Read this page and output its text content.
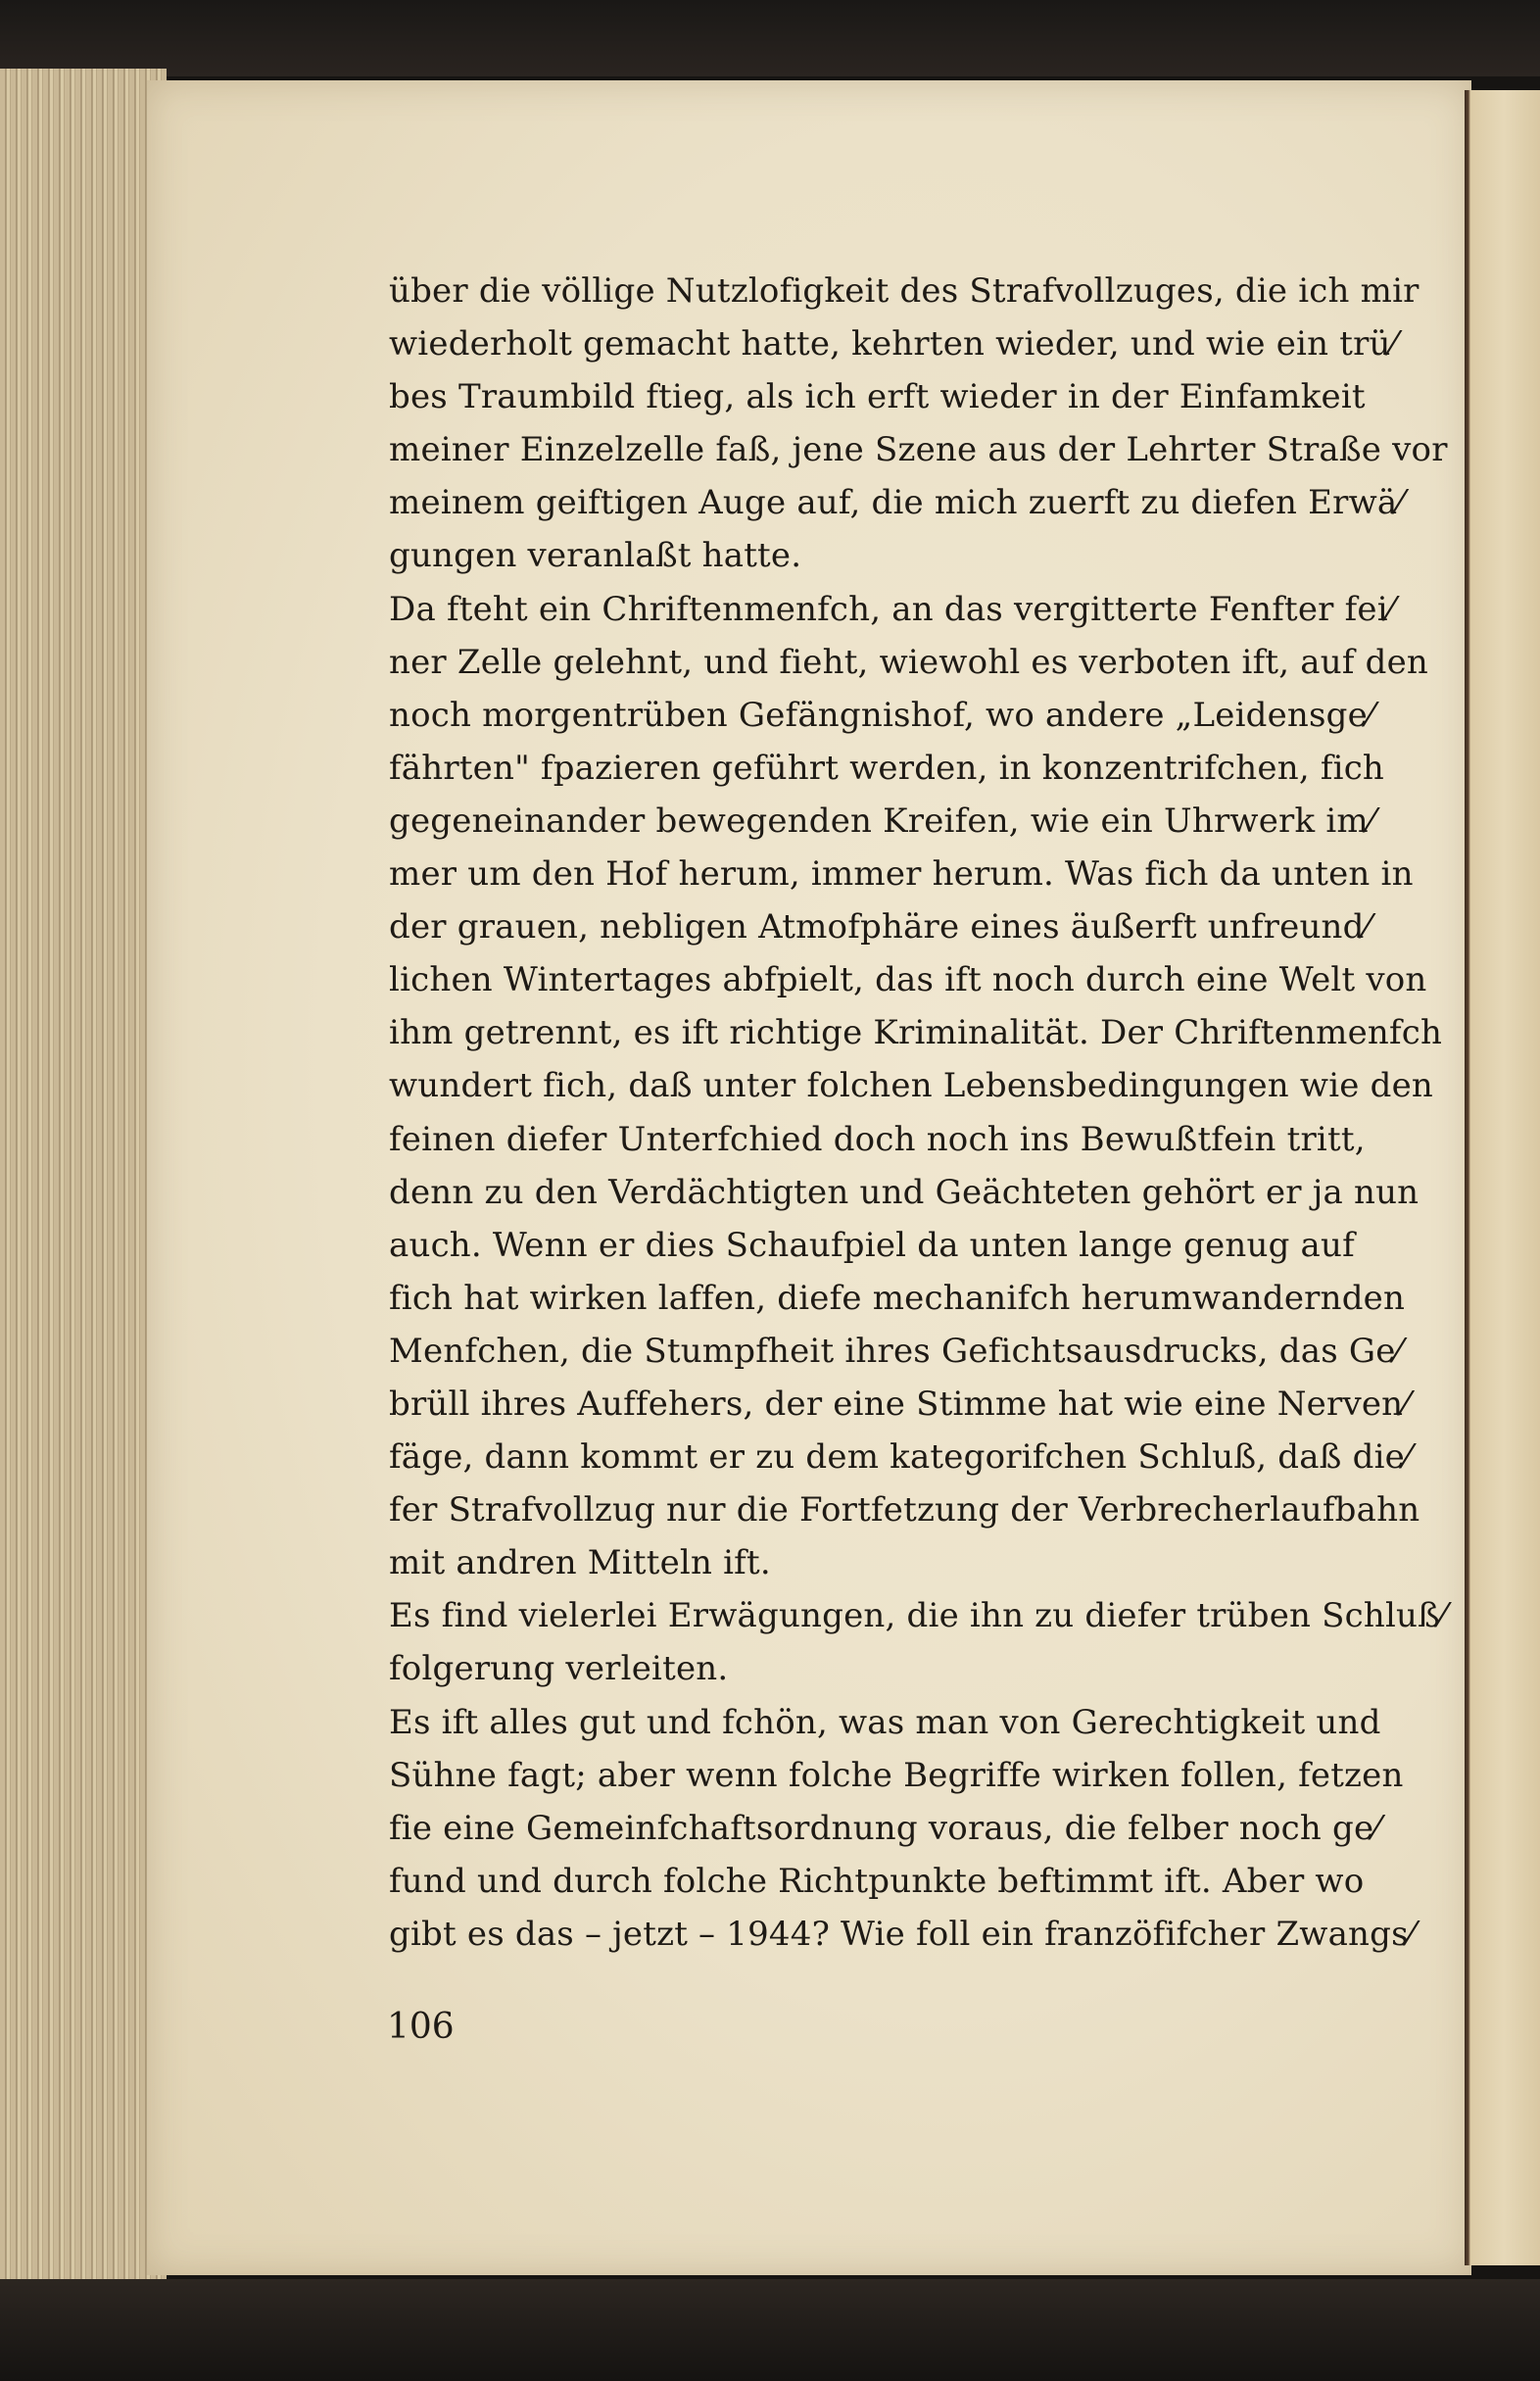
über die völlige Nutzlofigkeit des Strafvollzuges, die ich mir
wiederholt gemacht hatte, kehrten wieder, und wie ein trü⁄
bes Traumbild ftieg, als ich erft wieder in der Einfamkeit
meiner Einzelzelle faß, jene Szene aus der Lehrter Straße vor
meinem geiftigen Auge auf, die mich zuerft zu diefen Erwä⁄
gungen veranlaßt hatte.
Da fteht ein Chriftenmenfch, an das vergitterte Fenfter fei⁄
ner Zelle gelehnt, und fieht, wiewohl es verboten ift, auf den
noch morgentrüben Gefängnishof, wo andere „Leidensge⁄
fährten" fpazieren geführt werden, in konzentrifchen, fich
gegeneinander bewegenden Kreifen, wie ein Uhrwerk im⁄
mer um den Hof herum, immer herum. Was fich da unten in
der grauen, nebligen Atmofphäre eines äußerft unfreund⁄
lichen Wintertages abfpielt, das ift noch durch eine Welt von
ihm getrennt, es ift richtige Kriminalität. Der Chriftenmenfch
wundert fich, daß unter folchen Lebensbedingungen wie den
feinen diefer Unterfchied doch noch ins Bewußtfein tritt,
denn zu den Verdächtigten und Geächteten gehört er ja nun
auch. Wenn er dies Schaufpiel da unten lange genug auf
fich hat wirken laffen, diefe mechanifch herumwandernden
Menfchen, die Stumpfheit ihres Gefichtsausdrucks, das Ge⁄
brüll ihres Auffehers, der eine Stimme hat wie eine Nerven⁄
fäge, dann kommt er zu dem kategorifchen Schluß, daß die⁄
fer Strafvollzug nur die Fortfetzung der Verbrecherlaufbahn
mit andren Mitteln ift.
Es find vielerlei Erwägungen, die ihn zu diefer trüben Schluß⁄
folgerung verleiten.
Es ift alles gut und fchön, was man von Gerechtigkeit und
Sühne fagt; aber wenn folche Begriffe wirken follen, fetzen
fie eine Gemeinfchaftsordnung voraus, die felber noch ge⁄
fund und durch folche Richtpunkte beftimmt ift. Aber wo
gibt es das – jetzt – 1944? Wie foll ein franzöfifcher Zwangs⁄
106
